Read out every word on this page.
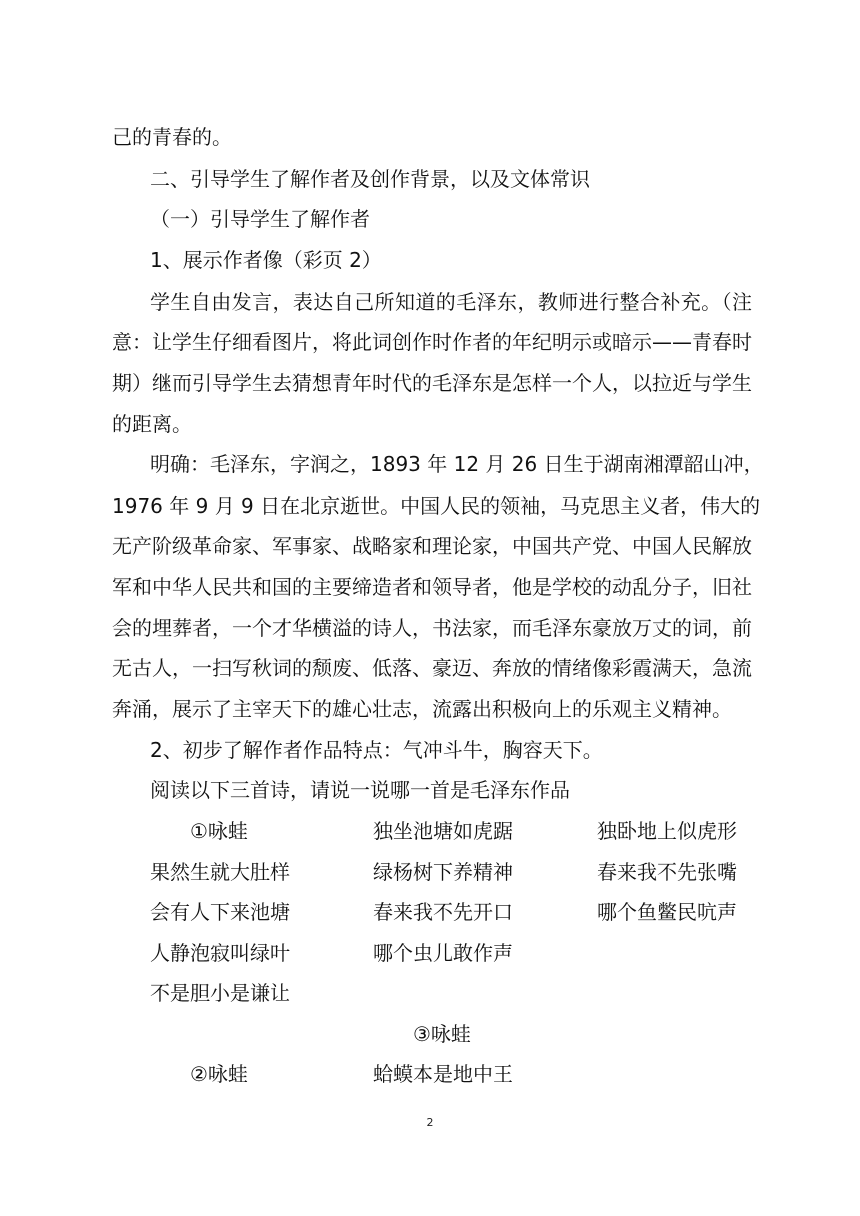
己的青春的。
二、引导学生了解作者及创作背景，以及文体常识
（一）引导学生了解作者
1、展示作者像（彩页 2）
学生自由发言，表达自己所知道的毛泽东，教师进行整合补充。（注
意：让学生仔细看图片，将此词创作时作者的年纪明示或暗示——青春时
期）继而引导学生去猜想青年时代的毛泽东是怎样一个人，以拉近与学生
的距离。
明确：毛泽东，字润之，1893 年 12 月 26 日生于湖南湘潭韶山冲，
1976 年 9 月 9 日在北京逝世。中国人民的领袖，马克思主义者，伟大的
无产阶级革命家、军事家、战略家和理论家，中国共产党、中国人民解放
军和中华人民共和国的主要缔造者和领导者，他是学校的动乱分子，旧社
会的埋葬者，一个才华横溢的诗人，书法家，而毛泽东豪放万丈的词，前
无古人，一扫写秋词的颓废、低落、豪迈、奔放的情绪像彩霞满天，急流
奔涌，展示了主宰天下的雄心壮志，流露出积极向上的乐观主义精神。
2、初步了解作者作品特点：气冲斗牛，胸容天下。
阅读以下三首诗，请说一说哪一首是毛泽东作品
①咏蛙
果然生就大肚样
会有人下来池塘
人静泡寂叫绿叶
不是胆小是谦让
独坐池塘如虎踞
绿杨树下养精神
春来我不先开口
哪个虫儿敢作声
独卧地上似虎形
春来我不先张嘴
哪个鱼鳖民吭声
③咏蛙
②咏蛙	蛤蟆本是地中王
2
